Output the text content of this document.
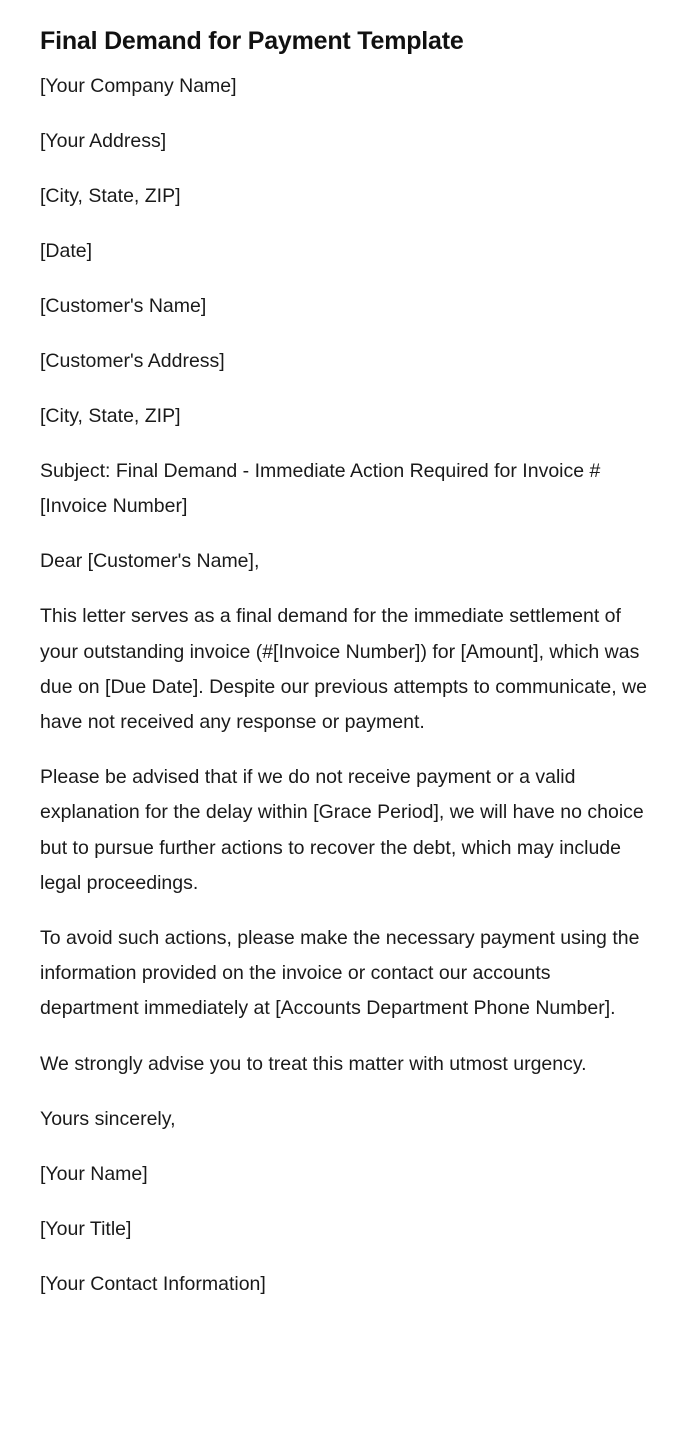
Final Demand for Payment Template

[Your Company Name]

[Your Address]

[City, State, ZIP]

[Date]

[Customer's Name]

[Customer's Address]

[City, State, ZIP]

Subject: Final Demand - Immediate Action Required for Invoice #[Invoice Number]

Dear [Customer's Name],

This letter serves as a final demand for the immediate settlement of your outstanding invoice (#[Invoice Number]) for [Amount], which was due on [Due Date]. Despite our previous attempts to communicate, we have not received any response or payment.

Please be advised that if we do not receive payment or a valid explanation for the delay within [Grace Period], we will have no choice but to pursue further actions to recover the debt, which may include legal proceedings.

To avoid such actions, please make the necessary payment using the information provided on the invoice or contact our accounts department immediately at [Accounts Department Phone Number].

We strongly advise you to treat this matter with utmost urgency.

Yours sincerely,

[Your Name]

[Your Title]

[Your Contact Information]
